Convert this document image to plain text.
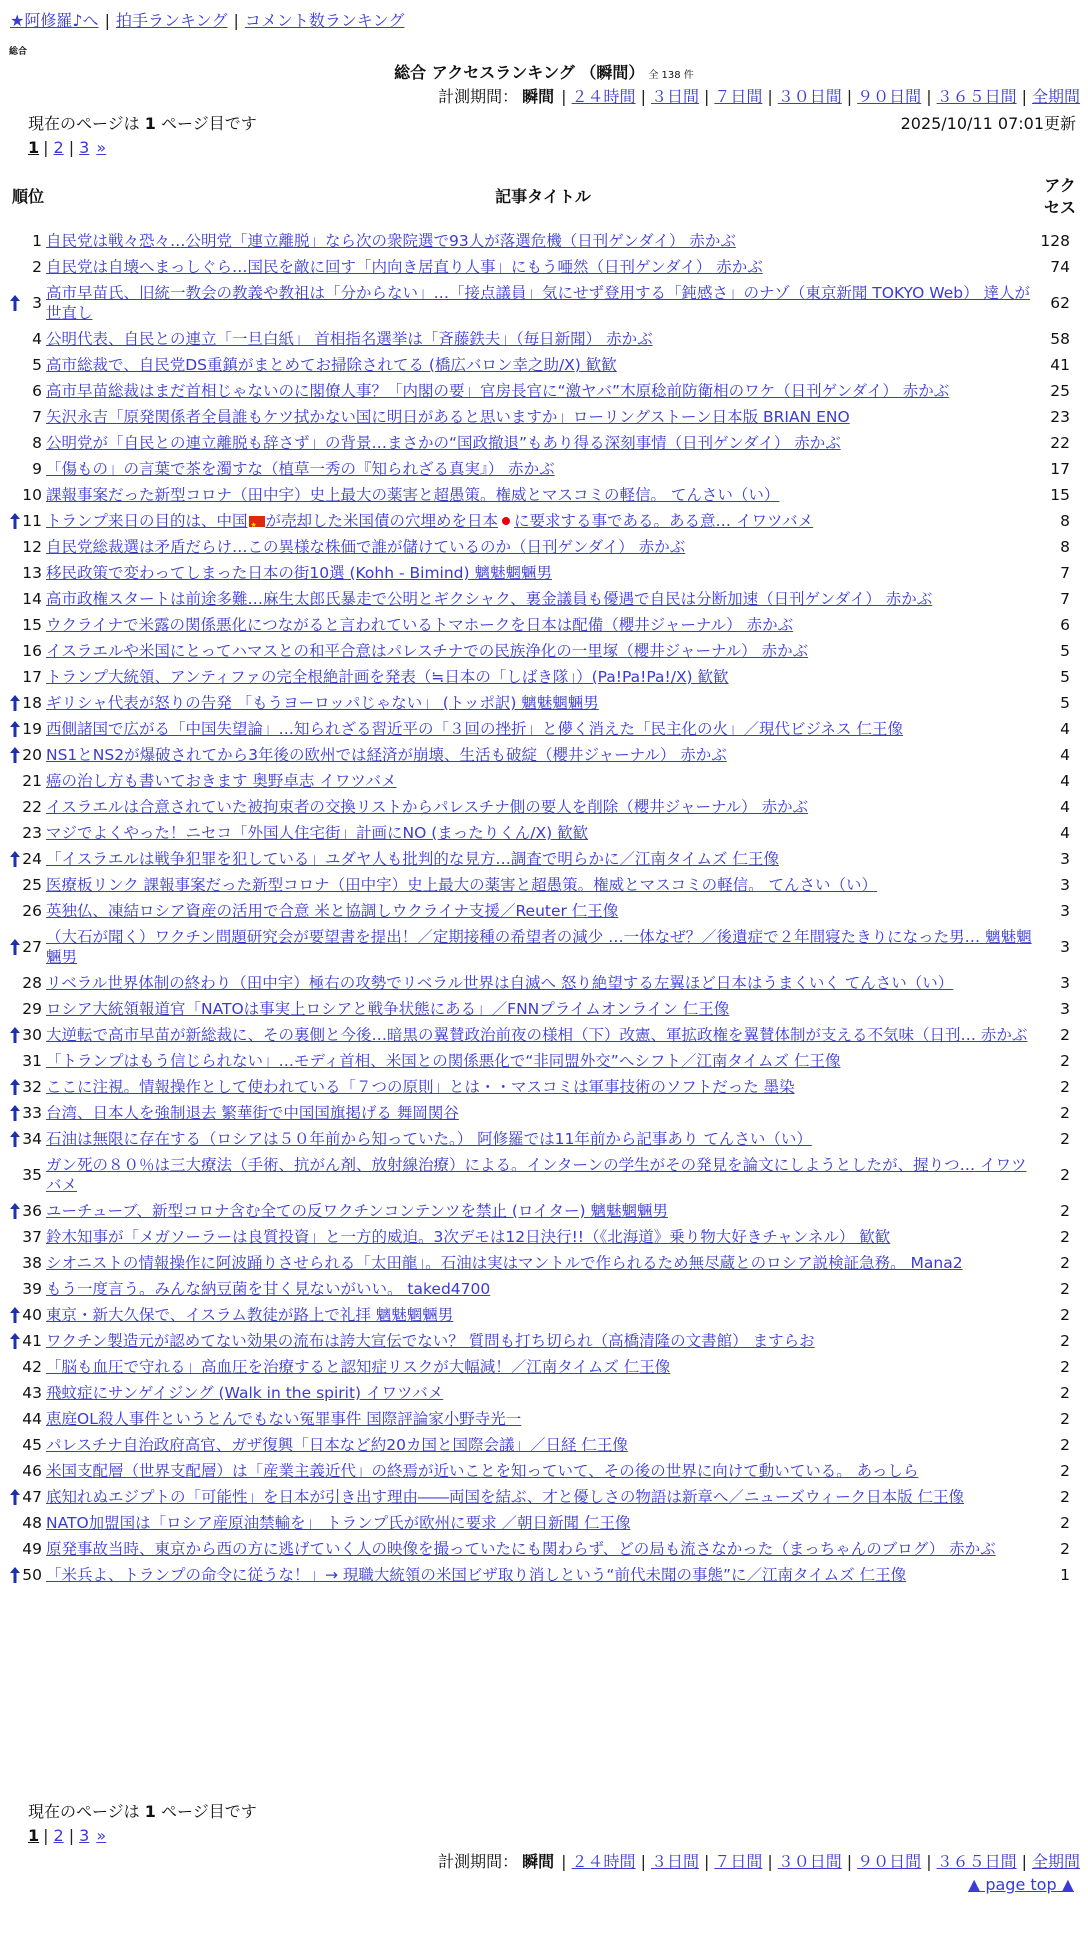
★阿修羅♪へ | 拍手ランキング | コメント数ランキング
総合
総合 アクセスランキング （瞬間） 全 138 件
計測期間： 瞬間 | ２４時間 | ３日間 | ７日間 | ３０日間 | ９０日間 | ３６５日間 | 全期間
現在のページは 1 ページ目です	2025/10/11 07:01更新
1 | 2 | 3 »
順位	記事タイトル	アクセス
1	自民党は戦々恐々…公明党「連立離脱」なら次の衆院選で93人が落選危機（日刊ゲンダイ） 赤かぶ	128
2	自民党は自壊へまっしぐら…国民を敵に回す「内向き居直り人事」にもう唖然（日刊ゲンダイ） 赤かぶ	74

3	高市早苗氏、旧統一教会の教義や教祖は「分からない」…「接点議員」気にせず登用する「鈍感さ」のナゾ（東京新聞 TOKYO Web） 達人が世直し	62
4	公明代表、自民との連立「一旦白紙」 首相指名選挙は「斉藤鉄夫」（毎日新聞） 赤かぶ	58
5	高市総裁で、自民党DS重鎮がまとめてお掃除されてる (橋広バロン幸之助/X) 歓歓	41
6	高市早苗総裁はまだ首相じゃないのに閣僚人事？「内閣の要」官房長官に“激ヤバ”木原稔前防衛相のワケ（日刊ゲンダイ） 赤かぶ	25
7	矢沢永吉「原発関係者全員誰もケツ拭かない国に明日があると思いますか」ローリングストーン日本版 BRIAN ENO	23
8	公明党が「自民との連立離脱も辞さず」の背景…まさかの“国政撤退”もあり得る深刻事情（日刊ゲンダイ） 赤かぶ	22
9	「傷もの」の言葉で茶を濁すな（植草一秀の『知られざる真実』） 赤かぶ	17
10	課報事案だった新型コロナ（田中宇）史上最大の薬害と超愚策。権威とマスコミの軽信。 てんさい（い）	15

11	トランプ来日の目的は、中国 ★ が売却した米国債の穴埋めを日本 に要求する事である。ある意… イワツバメ	8
12	自民党総裁選は矛盾だらけ…この異様な株価で誰が儲けているのか（日刊ゲンダイ） 赤かぶ	8
13	移民政策で変わってしまった日本の街10選 (Kohh - Bimind) 魑魅魍魎男	7
14	高市政権スタートは前途多難…麻生太郎氏暴走で公明とギクシャク、裏金議員も優遇で自民は分断加速（日刊ゲンダイ） 赤かぶ	7
15	ウクライナで米露の関係悪化につながると言われているトマホークを日本は配備（櫻井ジャーナル） 赤かぶ	6
16	イスラエルや米国にとってハマスとの和平合意はパレスチナでの民族浄化の一里塚（櫻井ジャーナル） 赤かぶ	5
17	トランプ大統領、アンティファの完全根絶計画を発表（≒日本の「しばき隊」）(Pa!Pa!Pa!/X) 歓歓	5

18	ギリシャ代表が怒りの告発 「もうヨーロッパじゃない」 (トッポ訳) 魑魅魍魎男	5

19	西側諸国で広がる「中国失望論」…知られざる習近平の「３回の挫折」と儚く消えた「民主化の火」／現代ビジネス 仁王像	4

20	NS1とNS2が爆破されてから3年後の欧州では経済が崩壊、生活も破綻（櫻井ジャーナル） 赤かぶ	4
21	癌の治し方も書いておきます 奥野卓志 イワツバメ	4
22	イスラエルは合意されていた被拘束者の交換リストからパレスチナ側の要人を削除（櫻井ジャーナル） 赤かぶ	4
23	マジでよくやった！ニセコ「外国人住宅街」計画にNO (まったりくん/X) 歓歓	4

24	「イスラエルは戦争犯罪を犯している」ユダヤ人も批判的な見方…調査で明らかに／江南タイムズ 仁王像	3
25	医療板リンク 課報事案だった新型コロナ（田中宇）史上最大の薬害と超愚策。権威とマスコミの軽信。 てんさい（い）	3
26	英独仏、凍結ロシア資産の活用で合意 米と協調しウクライナ支援／Reuter 仁王像	3

27	（大石が聞く）ワクチン問題研究会が要望書を提出！／定期接種の希望者の減少 …一体なぜ？／後遺症で２年間寝たきりになった男… 魑魅魍魎男	3
28	リベラル世界体制の終わり（田中宇）極右の攻勢でリベラル世界は自滅へ 怒り絶望する左翼ほど日本はうまくいく てんさい（い）	3
29	ロシア大統領報道官「NATOは事実上ロシアと戦争状態にある」／FNNプライムオンライン 仁王像	3

30	大逆転で高市早苗が新総裁に、その裏側と今後…暗黒の翼賛政治前夜の様相（下）改憲、軍拡政権を翼賛体制が支える不気味（日刊… 赤かぶ	2
31	「トランプはもう信じられない」…モディ首相、米国との関係悪化で“非同盟外交”へシフト／江南タイムズ 仁王像	2

32	ここに注視。情報操作として使われている「７つの原則」とは・・マスコミは軍事技術のソフトだった 墨染	2

33	台湾、日本人を強制退去 繁華街で中国国旗掲げる 舞岡関谷	2

34	石油は無限に存在する（ロシアは５０年前から知っていた。） 阿修羅では11年前から記事あり てんさい（い）	2
35	ガン死の８０％は三大療法（手術、抗がん剤、放射線治療）による。インターンの学生がその発見を論文にしようとしたが、握りつ… イワツバメ	2

36	ユーチューブ、新型コロナ含む全ての反ワクチンコンテンツを禁止 (ロイター) 魑魅魍魎男	2
37	鈴木知事が「メガソーラーは良質投資」と一方的威迫。3次デモは12日決行!!（《北海道》乗り物大好きチャンネル） 歓歓	2
38	シオニストの情報操作に阿波踊りさせられる「太田龍」。石油は実はマントルで作られるため無尽蔵とのロシア説検証急務。 Mana2	2
39	もう一度言う。みんな納豆菌を甘く見ないがいい。 taked4700	2

40	東京・新大久保で、イスラム教徒が路上で礼拝 魑魅魍魎男	2

41	ワクチン製造元が認めてない効果の流布は誇大宣伝でない？ 質問も打ち切られ（高橋清隆の文書館） ますらお	2
42	「脳も血圧で守れる」高血圧を治療すると認知症リスクが大幅減！／江南タイムズ 仁王像	2
43	飛蚊症にサンゲイジング (Walk in the spirit) イワツバメ	2
44	恵庭OL殺人事件というとんでもない冤罪事件 国際評論家小野寺光一	2
45	パレスチナ自治政府高官、ガザ復興「日本など約20カ国と国際会議」／日経 仁王像	2
46	米国支配層（世界支配層）は「産業主義近代」の終焉が近いことを知っていて、その後の世界に向けて動いている。 あっしら	2

47	底知れぬエジプトの「可能性」を日本が引き出す理由――両国を結ぶ、才と優しさの物語は新章へ／ニューズウィーク日本版 仁王像	2
48	NATO加盟国は「ロシア産原油禁輸を」 トランプ氏が欧州に要求 ／朝日新聞 仁王像	2
49	原発事故当時、東京から西の方に逃げていく人の映像を撮っていたにも関わらず、どの局も流さなかった（まっちゃんのブログ） 赤かぶ	2

50	「米兵よ、トランプの命令に従うな！」→ 現職大統領の米国ビザ取り消しという“前代未聞の事態”に／江南タイムズ 仁王像	1
現在のページは 1 ページ目です
1 | 2 | 3 »
計測期間： 瞬間 | ２４時間 | ３日間 | ７日間 | ３０日間 | ９０日間 | ３６５日間 | 全期間
▲ page top ▲
